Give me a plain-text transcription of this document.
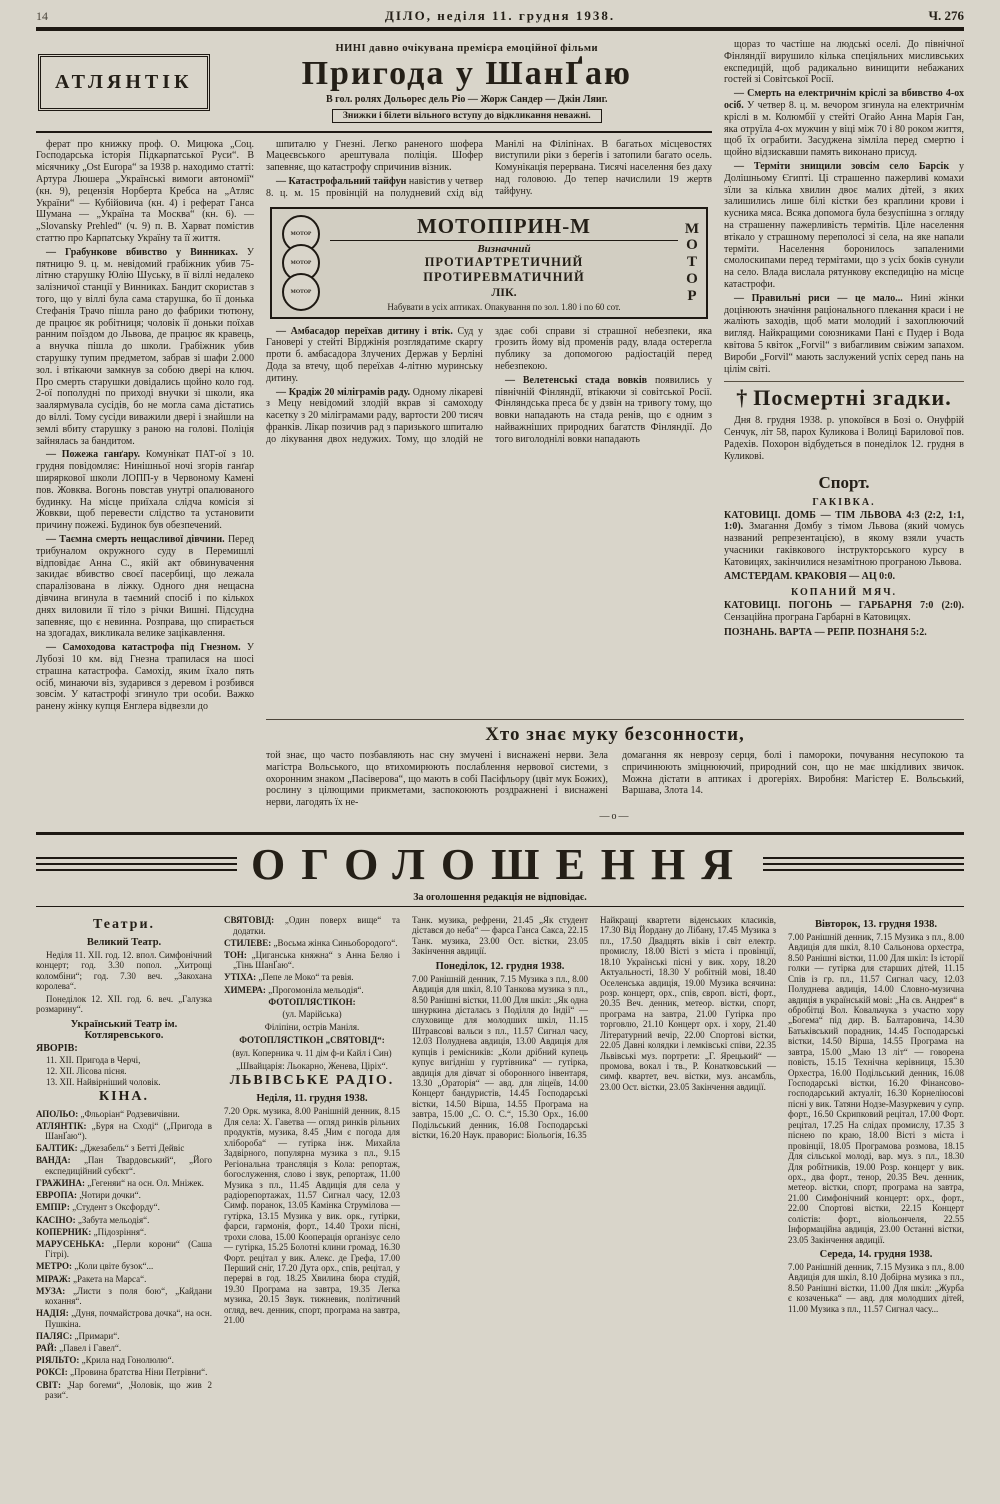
14	ДІЛО, неділя 11. грудня 1938.	Ч. 276
АТЛЯНТІК
НИНІ давно очікувана премієра емоційної фільми
Пригода у ШанҐаю
В гол. ролях Дольорес дель Ріо — Жорж Сандер — Джін Ляиг.
Знижки і білети вільного вступу до відкликання неважні.

ферат про книжку проф. О. Мицюка „Соц. Господарська історія Підкарпатської Руси“. В місячнику „Ost Europa“ за 1938 р. находимо статті: Артура Люшера „Українські вимоги автономії“ (кн. 9), рецензія Норберта Кребса на „Атляс України“ — Кубійовича (кн. 4) і реферат Ганса Шумана — „Україна та Москва“ (кн. 6). — „Slovansky Prehled“ (ч. 9) п. В. Харват помістив статтю про Карпатську Україну та її життя.

— Грабункове вбивство у Винниках. У пятницю 9. ц. м. невідомий грабіжник убив 75-літню старушку Юлію Шуську, в її віллі недалеко залізничої станції у Винниках. Бандит скористав з того, що у віллі була сама старушка, бо її донька Стефанія Трачо пішла рано до фабрики тютюну, де працює як робітниця; чоловік її доньки поїхав ранним поїздом до Львова, де працює як кравець, а внучка пішла до школи. Грабіжник убив старушку тупим предметом, забрав зі шафи 2.000 зол. і втікаючи замкнув за собою двері на ключ. Про смерть старушки довідались щойно коло год. 2-ої пополудні по приході внучки зі школи, яка заалярмувала сусідів, бо не могла сама дістатись до віллі. Тому сусіди виважили двері і знайшли на землі вбиту старушку з раною на голові. Поліція зайнялась за бандитом.

— Пожежа ганґару. Комунікат ПАТ-ої з 10. грудня повідомляє: Нинішньої ночі згорів ганґар ширяркової школи ЛОПП-у в Червоному Камені пов. Жовква. Вогонь повстав унутрі опалюваного будинку. На місце приїхала слідча комісія зі Жовкви, щоб перевести слідство та установити причину пожежі. Будинок був обезпечений.

— Таємна смерть нещасливої дівчини. Перед трибуналом окружного суду в Перемишлі відповідає Анна С., якій акт обвинувачення закидає вбивство своєї пасербиці, що лежала спаралізована в ліжку. Одного дня нещасна дівчина вгинула в таємний спосіб і по кількох днях виловили її тіло з річки Вишні. Підсудна запевняє, що є невинна. Розправа, що спирається на здогадах, викликала велике зацікавлення.

— Самоходова катастрофа під Гнезном. У Лубозі 10 км. від Гнезна трапилася на шосі страшна катастрофа. Самохід, яким їхало пять осіб, минаючи віз, зударився з деревом і розбився зовсім. У катастрофі згинуло три особи. Важко ранену жінку купця Енглера відвезли до

шпиталю у Гнезні. Легко раненого шофера Мацеєвського арештувала поліція. Шофер запевняє, що катастрофу спричинив візник.

— Катастрофальний тайфун навістив у четвер 8. ц. м. 15 провінцій на полудневий схід від Манілі на Філіпінах. В багатьох місцевостях виступили ріки з берегів і затопили багато осель. Комунікація перервана. Тисячі населення без даху над головою. До тепер начислили 19 жертв тайфуну.

МОТОР
МОТОР
МОТОР
МОТОПІРИН-М
Визначний
ПРОТИАРТРЕТИЧНИЙ
ПРОТИРЕВМАТИЧНИЙ
ЛІК.
Набувати в усіх аптиках. Опакування по зол. 1.80 і по 60 сот.
МОТОР

— Амбасадор переїхав дитину і втік. Суд у Гановері у стейті Вірджінія розглядатиме скаргу проти б. амбасадора Злучених Держав у Берліні Дода за втечу, щоб переїхав 4-літню муринську дитину.

— Крадіж 20 міліграмів раду. Одному лікареві з Мецу невідомий злодій вкрав зі самоходу касетку з 20 міліграмами раду, вартости 200 тисяч франків. Лікар позичив рад з паризького шпиталю до лікування двох недужих. Тому, що злодій не здає собі справи зі страшної небезпеки, яка грозить йому від променів раду, влада остерегла публику за допомогою радіостацій перед небезпекою.

— Велетенські стада вовків появились у північній Фінляндії, втікаючи зі совітської Росії. Фінляндська преса бє у дзвін на тривогу тому, що вовки нападають на стада ренів, що є одним з найважніших природних багатств Фінляндії. До того виголоднілі вовки нападають

щораз то частіше на людські оселі. До північної Фінляндії вирушило кілька спеціяльних мисливських експедицій, щоб радикально винищити небажаних гостей зі Совітської Росії.

— Смерть на електричнім кріслі за вбивство 4-ох осіб. У четвер 8. ц. м. вечором згинула на електричнім кріслі в м. Колюмбії у стейті Огайо Анна Марія Ган, яка отруїла 4-ох мужчин у віці між 70 і 80 роком життя, щоб їх ограбити. Засуджена зімліла перед смертю і щойно відзискавши память виконано присуд.

— Терміти знищили зовсім село Барсік у Долішньому Єгипті. Ці страшенно пажерливі комахи зїли за кілька хвилин двоє малих дітей, з яких залишились лише білі кістки без краплини крови і кусника мяса. Всяка допомога була безуспішна з огляду на страшенну пажерливість термітів. Ціле населення втікало у страшному переполосі зі села, на яке напали терміти. Населення боронилось запаленими смолоскипами перед термітами, що з усіх боків сунули на село. Влада вислала рятункову експедицію на місце катастрофи.

— Правильні риси — це мало... Нині жінки доцінюють значіння раціонального плекання краси і не жаліють заходів, щоб мати молодий і захоплюючий вигляд. Найкращими союзниками Пані є Пудер і Вода квітова 5 квіток „Forvil“ з вибагливим свіжим запахом. Вироби „Forvil“ мають заслужений успіх серед пань на цілім світі.

† Посмертні згадки.

Дня 8. грудня 1938. р. упокоївся в Бозі о. Онуфрій Сенчук, літ 58, парох Куликова і Волиці Барилової пов. Радехів. Похорон відбудеться в понеділок 12. грудня в Куликові.

Спорт.
ГАКІВКА.

КАТОВИЦІ. ДОМБ — ТІМ ЛЬВОВА 4:3 (2:2, 1:1, 1:0). Змагання Домбу з тімом Львова (який чомусь названий репрезентацією), в якому взяли участь учасники гаківкового інструкторського курсу в Катовицях, закінчилися незамітною програною Львова.

АМСТЕРДАМ. КРАКОВІЯ — АЦ 0:0.

КОПАНИЙ МЯЧ.

КАТОВИЦІ. ПОГОНЬ — ГАРБАРНЯ 7:0 (2:0). Сензаційна програна Гарбарні в Катовицях.

ПОЗНАНЬ. ВАРТА — РЕПР. ПОЗНАНЯ 5:2.

Хто знає муку безсонности,

той знає, що часто позбавляють нас сну змучені і виснажені нерви. Зела магістра Вольського, що втихомирюють послаблення нервової системи, з охоронним знаком „Пасіверова“, що мають в собі Пасіфльору (цвіт мук Божих), рослину з цілющими прикметами, заспокоюють роздражнені і виснажені нерви, лагодять їх не-

домагання як неврозу серця, болі і памороки, почування несупокою та спричинюють зміцнюючий, природний сон, що не має шкідливих звичок. Можна дістати в аптиках і дрогеріях. Виробня: Магістер Е. Вольський, Варшава, Злота 14.

—о—
ОГОЛОШЕННЯ
За оголошення редакція не відповідає.
Театри.
Великий Театр.

Неділя 11. XII. год. 12. впол. Симфонічний концерт; год. 3.30 попол. „Хитрощі коломбіни“; год. 7.30 веч. „Закохана королева“.

Понеділок 12. XII. год. 6. веч. „Галузка розмарину“.

Український Театр ім. Котляревського.

ЯВОРІВ:

11. XII. Пригода в Черчі,

12. XII. Лісова пісня.

13. XII. Найвірніший чоловік.

КІНА.

АПОЛЬО: „Фльоріан“ Родзевичівни.

АТЛЯНТІК: „Буря на Сході“ („Пригода в ШанҐаю“).

БАЛТИК: „Джезабель“ з Бетті Дейвіс

ВАНДА: „Пан Твардовський“, „Його експедиційний субєкт“.

ГРАЖИНА: „Гегеняи“ на осн. Ол. Мніжек.

ЕВРОПА: „Чотири дочки“.

ЕМПІР: „Студент з Оксфорду“.

КАСІНО: „Забута мельодія“.

КОПЕРНИК: „Підозріння“.

МАРУСЕНЬКА: „Перли корони“ (Саша Гітрі).

МЕТРО: „Коли цвіте бузок“...

МІРАЖ: „Ракета на Марса“.

МУЗА: „Листи з поля бою“, „Кайдани кохання“.

НАДІЯ: „Дуня, почмайстрова дочка“, на осн. Пушкіна.

ПАЛЯС: „Примари“.

РАЙ: „Павел і Гавел“.

РІЯЛЬТО: „Крила над Гонолюлю“.

РОКСІ: „Провина братства Ніни Петрівни“.

СВІТ: „Чар богеми“, „Чоловік, що жив 2 рази“.

СВЯТОВІД: „Один поверх вище“ та додатки.

СТИЛЕВЕ: „Восьма жінка Синьобородого“.

ТОН: „Циганська княжна“ з Анна Беляо і „Тінь ШанҐаю“.

УТІХА: „Пепе ле Моко“ та ревія.

ХИМЕРА: „Прогомоніла мельодія“.

ФОТОПЛЯСТІКОН:

(ул. Марійська)

Філіпіни, острів Маніля.

ФОТОПЛЯСТІКОН „СВЯТОВІД“:

(вул. Коперника ч. 11 дім ф-и Кайл і Син)

„Швайцарія: Льокарно, Женева, Ціріх“.

ЛЬВІВСЬКЕ РАДІО.
Неділя, 11. грудня 1938.

7.20 Орк. музика, 8.00 Ранішній денник, 8.15 Для села: Х. Гаветва — огляд ринків рільних продуктів, музика, 8.45 „Чим є погода для хлібороба“ — гутірка інж. Михайла Задвірного, популярна музика з пл., 9.15 Регіональна трансляція з Кола: репортаж, богослуження, слово і звук, репортаж, 11.00 Музика з пл., 11.45 Авдиція для села у радіорепортажах, 11.57 Сигнал часу, 12.03 Симф. поранок, 13.05 Камінка Струмілова — гутірка, 13.15 Музика у вик. орк., гутірки, фарси, гармонія, форт., 14.40 Трохи пісні, трохи слова, 15.00 Кооперація організує село — гутірка, 15.25 Болотні клини громад, 16.30 Форт. рецітал у вик. Алекс. де Грефа, 17.00 Перший сніг, 17.20 Дута орх., спів, рецітал, у перерві в год. 18.25 Хвилина бюра студій, 19.30 Програма на завтра, 19.35 Легка музика, 20.15 Звук. тижневик, політичний огляд, веч. денник, спорт, програма на завтра, 21.00

Танк. музика, рефрени, 21.45 „Як студент дістався до неба“ — фарса Ганса Сакса, 22.15 Танк. музика, 23.00 Ост. вістки, 23.05 Закінчення авдиції.

Понеділок, 12. грудня 1938.

7.00 Ранішній денник, 7.15 Музика з пл., 8.00 Авдиція для шкіл, 8.10 Танкова музика з пл., 8.50 Ранішні вістки, 11.00 Для шкіл: „Як одна шнуркина дісталась з Поділля до Індії“ — слуховище для молодших шкіл, 11.15 Штравсові вальси з пл., 11.57 Сигнал часу, 12.03 Полуднева авдиція, 13.00 Авдиція для купців і ремісників: „Коли дрібний купець купує вигідніш у гуртівника“ — гутірка, авдиція для дівчат зі оборонного інвентаря, 13.30 „Ораторія“ — авд. для ліцеїв, 14.00 Концерт бандуристів, 14.45 Господарські вістки, 14.50 Вірша, 14.55 Програма на завтра, 15.00 „С. О. С.“, 15.30 Орх., 16.00 Подільський денник, 16.08 Господарські вістки, 16.20 Наук. праворис: Біольогія, 16.35

Найкращі квартети віденських класиків, 17.30 Від Йордану до Лібану, 17.45 Музика з пл., 17.50 Двадцять віків і світ електр. промислу, 18.00 Вісті з міста і провінції, 18.10 Українські пісні у вик. хору, 18.20 Актуальності, 18.30 У робітній мові, 18.40 Оселенська авдиція, 19.00 Музика всячина: розр. концерт, орх., спів, європ. вісті, форт., 20.35 Веч. денник, метеор. вістки, спорт, програма на завтра, 21.00 Гутірка про торговлю, 21.10 Концерт орх. і хору, 21.40 Літературний вечір, 22.00 Спортові вістки, 22.05 Давні колядки і лемківські співи, 22.35 Львівські муз. портрети: „Г. Ярецький“ — промова, вокал і тв., Р. Конатковський — симф. квартет, веч. вістки, муз. ансамбль, 23.00 Ост. вістки, 23.05 Закінчення авдиції.

Вівторок, 13. грудня 1938.

7.00 Ранішній денник, 7.15 Музика з пл., 8.00 Авдиція для шкіл, 8.10 Сальонова орхестра, 8.50 Ранішні вістки, 11.00 Для шкіл: Із історії голки — гутірка для старших дітей, 11.15 Спів із гр. пл., 11.57 Сигнал часу, 12.03 Полуднева авдиція, 14.00 Словно-музична авдиція в українській мові: „На св. Андрея“ в обробітці Вол. Ковальчука з участю хору „Богема“ під дир. В. Балтаровича, 14.30 Батьківський порадник, 14.45 Господарські вістки, 14.50 Вірша, 14.55 Програма на завтра, 15.00 „Маю 13 літ“ — говорена повість, 15.15 Технічна керівниця, 15.30 Орхестра, 16.00 Подільський денник, 16.08 Господарські вістки, 16.20 Фінансово-господарський актуаліт, 16.30 Корнеліюсові пісні у вик. Татяни Нодзе-Мазуркевич у супр. форт., 16.50 Скрипковий рецітал, 17.00 Форт. рецітал, 17.25 На слідах промислу, 17.35 З піснею по краю, 18.00 Вісті з міста і провінції, 18.05 Програмова розмова, 18.15 Для сільської молоді, вар. муз. з пл., 18.30 Для робітників, 19.00 Розр. концерт у вик. орх., два форт., тенор, 20.35 Веч. денник, метеор. вістки, спорт, програма на завтра, 21.00 Симфонічний концерт: орх., форт., 22.00 Спортові вістки, 22.15 Концерт солістів: форт., віольончеля, 22.55 Інформаційна авдиція, 23.00 Останні вістки, 23.05 Закінчення авдиції.

Середа, 14. грудня 1938.

7.00 Ранішній денник, 7.15 Музика з пл., 8.00 Авдиція для шкіл, 8.10 Добірна музика з пл., 8.50 Ранішні вістки, 11.00 Для шкіл: „Журба є козаченька“ — авд. для молодших дітей, 11.00 Музика з пл., 11.57 Сигнал часу...
